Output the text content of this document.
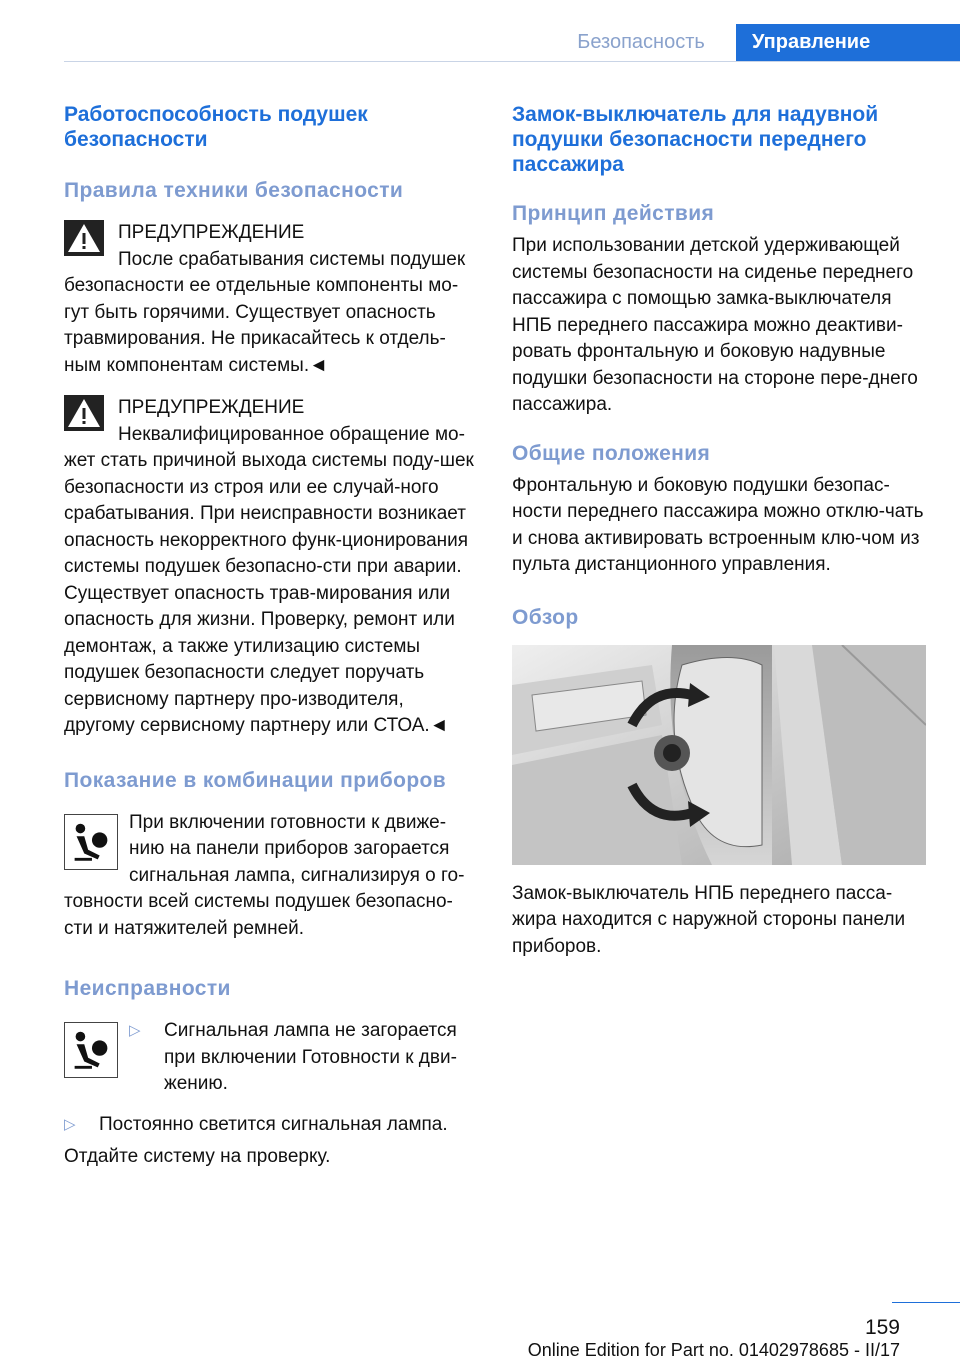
Безопасность	Управление
Работоспособность подушек безопасности
Правила техники безопасности
ПРЕДУПРЕЖДЕНИЕ

После срабатывания системы подушек безопасности ее отдельные компоненты мо-гут быть горячими. Существует опасность травмирования. Не прикасайтесь к отдель-ным компонентам системы.◄

ПРЕДУПРЕЖДЕНИЕ

Неквалифицированное обращение мо-жет стать причиной выхода системы поду-шек безопасности из строя или ее случай-ного срабатывания. При неисправности возникает опасность некорректного функ-ционирования системы подушек безопасно-сти при аварии. Существует опасность трав-мирования или опасность для жизни. Проверку, ремонт или демонтаж, а также утилизацию системы подушек безопасности следует поручать сервисному партнеру про-изводителя, другому сервисному партнеру или СТОА.◄

Показание в комбинации приборов

При включении готовности к движе-нию на панели приборов загорается сигнальная лампа, сигнализируя о го-товности всей системы подушек безопасно-сти и натяжителей ремней.

Неисправности
▷ Сигнальная лампа не загорается при включении Готовности к дви-жению.
▷ Постоянно светится сигнальная лампа.

Отдайте систему на проверку.

Замок-выключатель для надувной подушки безопасности переднего пассажира
Принцип действия

При использовании детской удерживающей системы безопасности на сиденье переднего пассажира с помощью замка-выключателя НПБ переднего пассажира можно деактиви-ровать фронтальную и боковую надувные подушки безопасности на стороне пере-днего пассажира.

Общие положения

Фронтальную и боковую подушки безопас-ности переднего пассажира можно отклю-чать и снова активировать встроенным клю-чом из пульта дистанционного управления.

Обзор

Замок-выключатель НПБ переднего пасса-жира находится с наружной стороны панели приборов.

159
Online Edition for Part no. 01402978685 - II/17
